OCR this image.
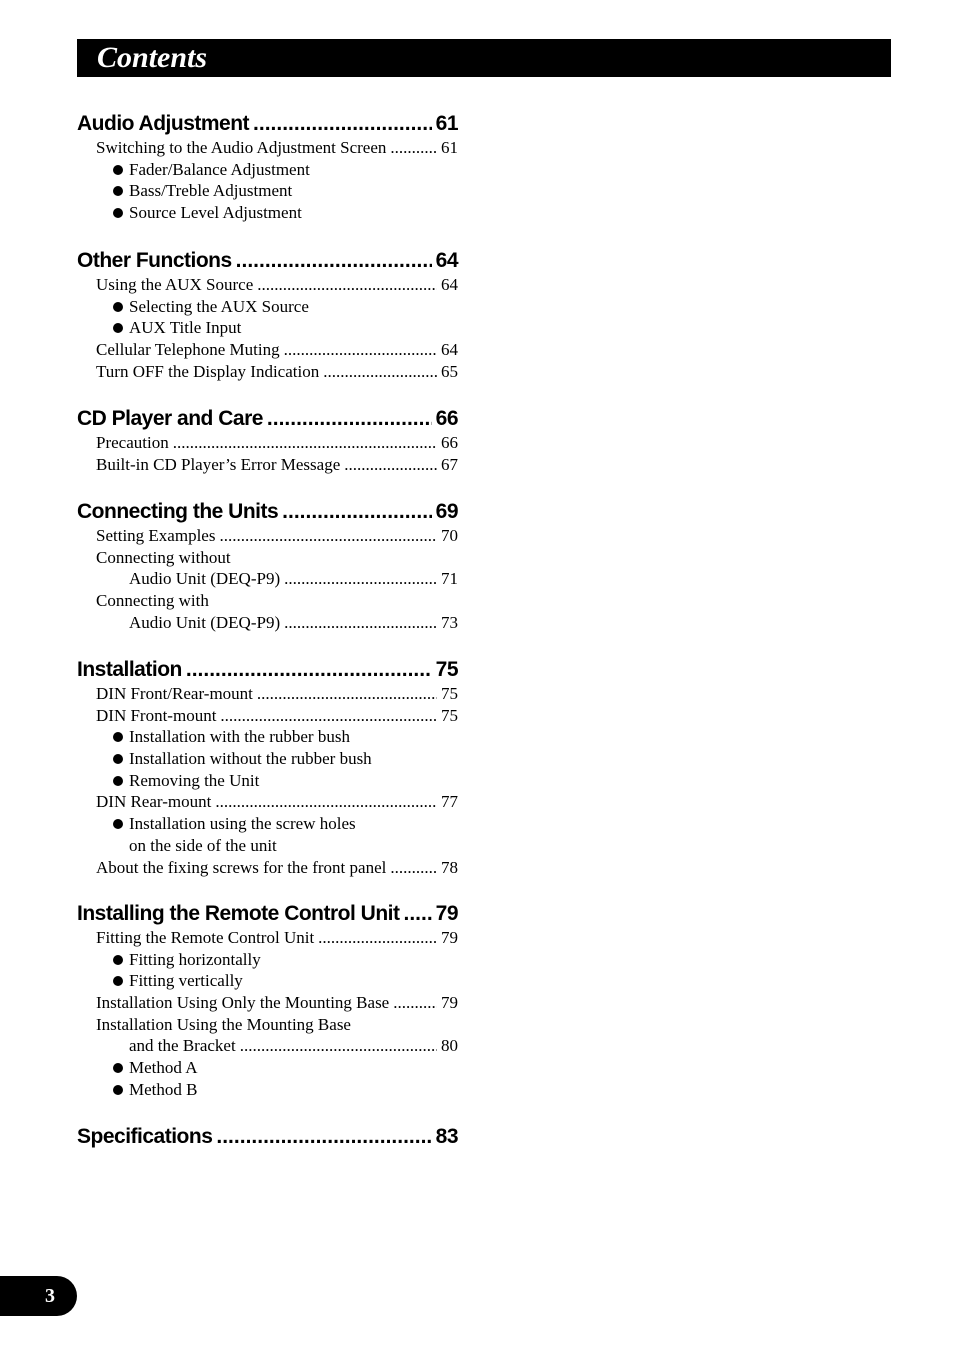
Contents
Audio Adjustment .....	61
Switching to the Audio Adjustment Screen .....	61
Fader/Balance Adjustment
Bass/Treble Adjustment
Source Level Adjustment
Other Functions .....	64
Using the AUX Source .....	64
Selecting the AUX Source
AUX Title Input
Cellular Telephone Muting .....	64
Turn OFF the Display Indication .....	65
CD Player and Care .....	66
Precaution .....	66
Built-in CD Player’s Error Message .....	67
Connecting the Units .....	69
Setting Examples .....	70
Connecting without
Audio Unit (DEQ-P9) .....	71
Connecting with
Audio Unit (DEQ-P9) .....	73
Installation .....	75
DIN Front/Rear-mount .....	75
DIN Front-mount .....	75
Installation with the rubber bush
Installation without the rubber bush
Removing the Unit
DIN Rear-mount .....	77
Installation using the screw holes
on the side of the unit
About the fixing screws for the front panel .....	78
Installing the Remote Control Unit ..... 79
Fitting the Remote Control Unit .....	79
Fitting horizontally
Fitting vertically
Installation Using Only the Mounting Base .....	79
Installation Using the Mounting Base
and the Bracket .....	80
Method A
Method B
Specifications .....	83
3
